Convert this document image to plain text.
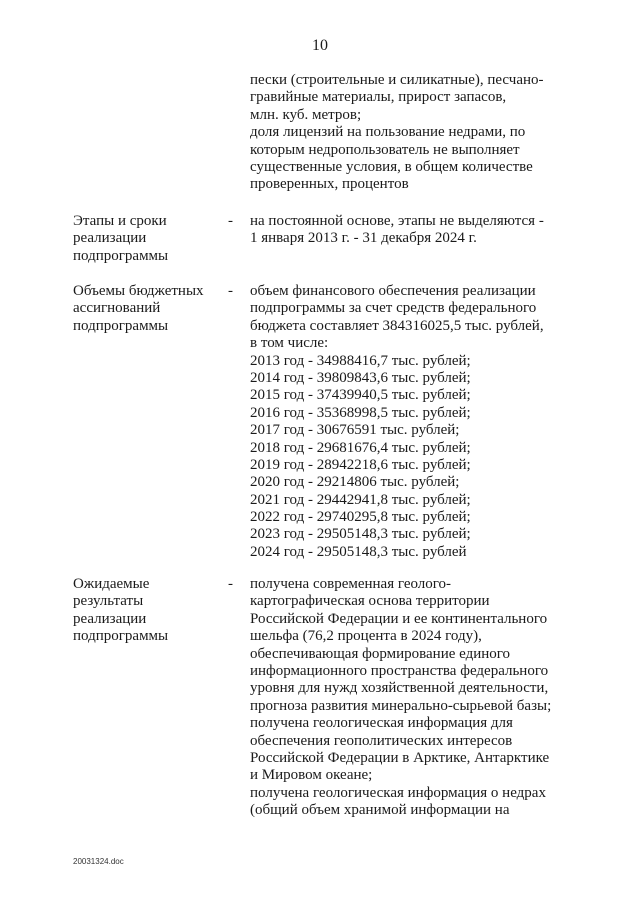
10
пески (строительные и силикатные), песчано-
гравийные материалы, прирост запасов,
млн. куб. метров;
доля лицензий на пользование недрами, по
которым недропользователь не выполняет
существенные условия, в общем количестве
проверенных, процентов
Этапы и сроки
реализации
подпрограммы
- на постоянной основе, этапы не выделяются -
1 января 2013 г. - 31 декабря 2024 г.
Объемы бюджетных
ассигнований
подпрограммы
- объем финансового обеспечения реализации
подпрограммы за счет средств федерального
бюджета составляет 384316025,5 тыс. рублей,
в том числе:
2013 год - 34988416,7 тыс. рублей;
2014 год - 39809843,6 тыс. рублей;
2015 год - 37439940,5 тыс. рублей;
2016 год - 35368998,5 тыс. рублей;
2017 год - 30676591 тыс. рублей;
2018 год - 29681676,4 тыс. рублей;
2019 год - 28942218,6 тыс. рублей;
2020 год - 29214806 тыс. рублей;
2021 год - 29442941,8 тыс. рублей;
2022 год - 29740295,8 тыс. рублей;
2023 год - 29505148,3 тыс. рублей;
2024 год - 29505148,3 тыс. рублей
Ожидаемые
результаты
реализации
подпрограммы
- получена современная геолого-
картографическая основа территории
Российской Федерации и ее континентального
шельфа (76,2 процента в 2024 году),
обеспечивающая формирование единого
информационного пространства федерального
уровня для нужд хозяйственной деятельности,
прогноза развития минерально-сырьевой базы;
получена геологическая информация для
обеспечения геополитических интересов
Российской Федерации в Арктике, Антарктике
и Мировом океане;
получена геологическая информация о недрах
(общий объем хранимой информации на
20031324.doc
